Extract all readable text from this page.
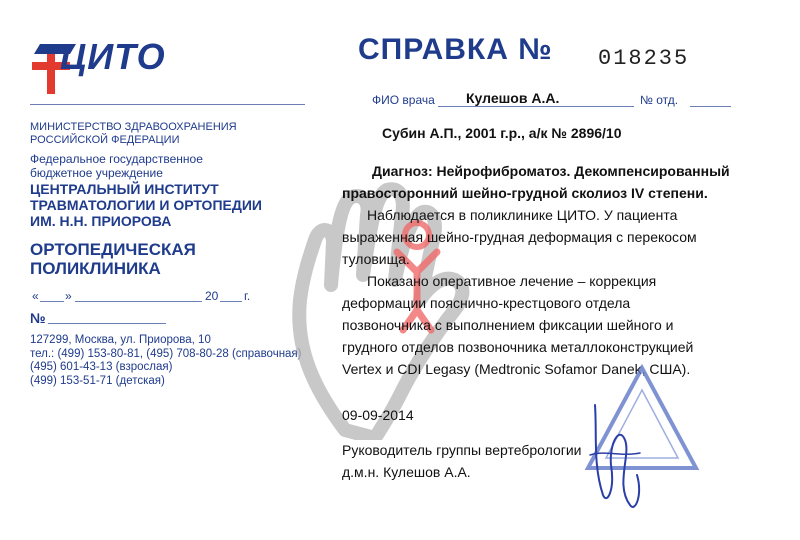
ЦИТО	СПРАВКА № 018235
МИНИСТЕРСТВО ЗДРАВООХРАНЕНИЯ
РОССИЙСКОЙ ФЕДЕРАЦИИ
Федеральное государственное
бюджетное учреждение
ЦЕНТРАЛЬНЫЙ ИНСТИТУТ
ТРАВМАТОЛОГИИ И ОРТОПЕДИИ
ИМ. Н.Н. ПРИОРОВА
ОРТОПЕДИЧЕСКАЯ
ПОЛИКЛИНИКА
« »	20 г.
№
127299, Москва, ул. Приорова, 10
тел.: (499) 153-80-81, (495) 708-80-28 (справочная)
(495) 601-43-13 (взрослая)
(499) 153-51-71 (детская)
ФИО врача Кулешов А.А.	№ отд.
Субин А.П., 2001 г.р., а/к № 2896/10
Диагноз: Нейрофиброматоз. Декомпенсированный
правосторонний шейно-грудной сколиоз IV степени.
Наблюдается в поликлинике ЦИТО. У пациента
выраженная шейно-грудная деформация с перекосом
туловища.
Показано оперативное лечение – коррекция
деформации пояснично-крестцового отдела
позвоночника с выполнением фиксации шейного и
грудного отделов позвоночника металлоконструкцией
Vertex и CDI Legasy (Medtronic Sofamor Danek, США).
09-09-2014
Руководитель группы вертебрологии
д.м.н. Кулешов А.А.
